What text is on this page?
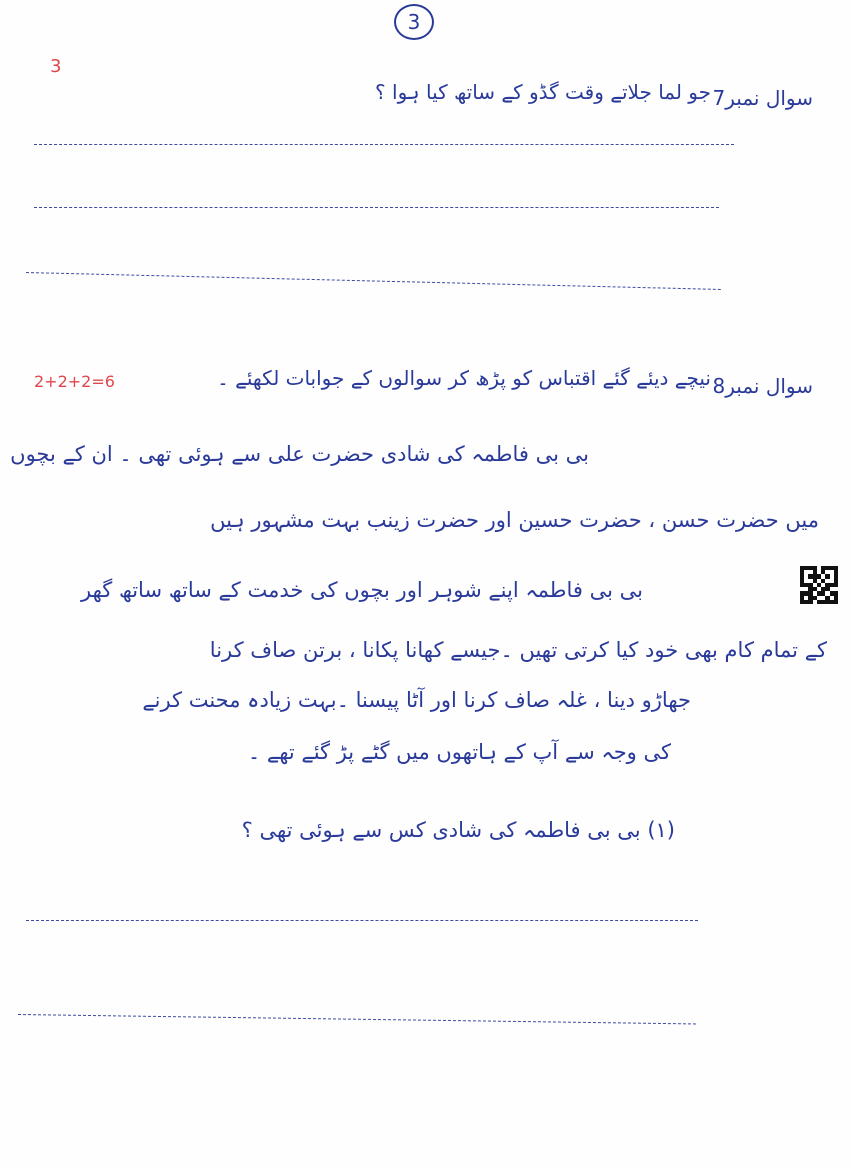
3
3
سوال نمبر7
جو لما جلاتے وقت گڈو کے ساتھ کیا ہوا ؟
2+2+2=6	سوال نمبر8
نیچے دیئے گئے اقتباس کو پڑھ کر سوالوں کے جوابات لکھئے ۔
بی بی فاطمہ کی شادی حضرت علی سے ہوئی تھی ۔ ان کے بچوں
میں حضرت حسن ، حضرت حسین اور حضرت زینب بہت مشہور ہیں
بی بی فاطمہ اپنے شوہر اور بچوں کی خدمت کے ساتھ ساتھ گھر
کے تمام کام بھی خود کیا کرتی تھیں ۔جیسے کھانا پکانا ، برتن صاف کرنا
جھاڑو دینا ، غلہ صاف کرنا اور آٹا پیسنا ۔بہت زیادہ محنت کرنے
کی وجہ سے آپ کے ہاتھوں میں گٹے پڑ گئے تھے ۔
(۱) بی بی فاطمہ کی شادی کس سے ہوئی تھی ؟
